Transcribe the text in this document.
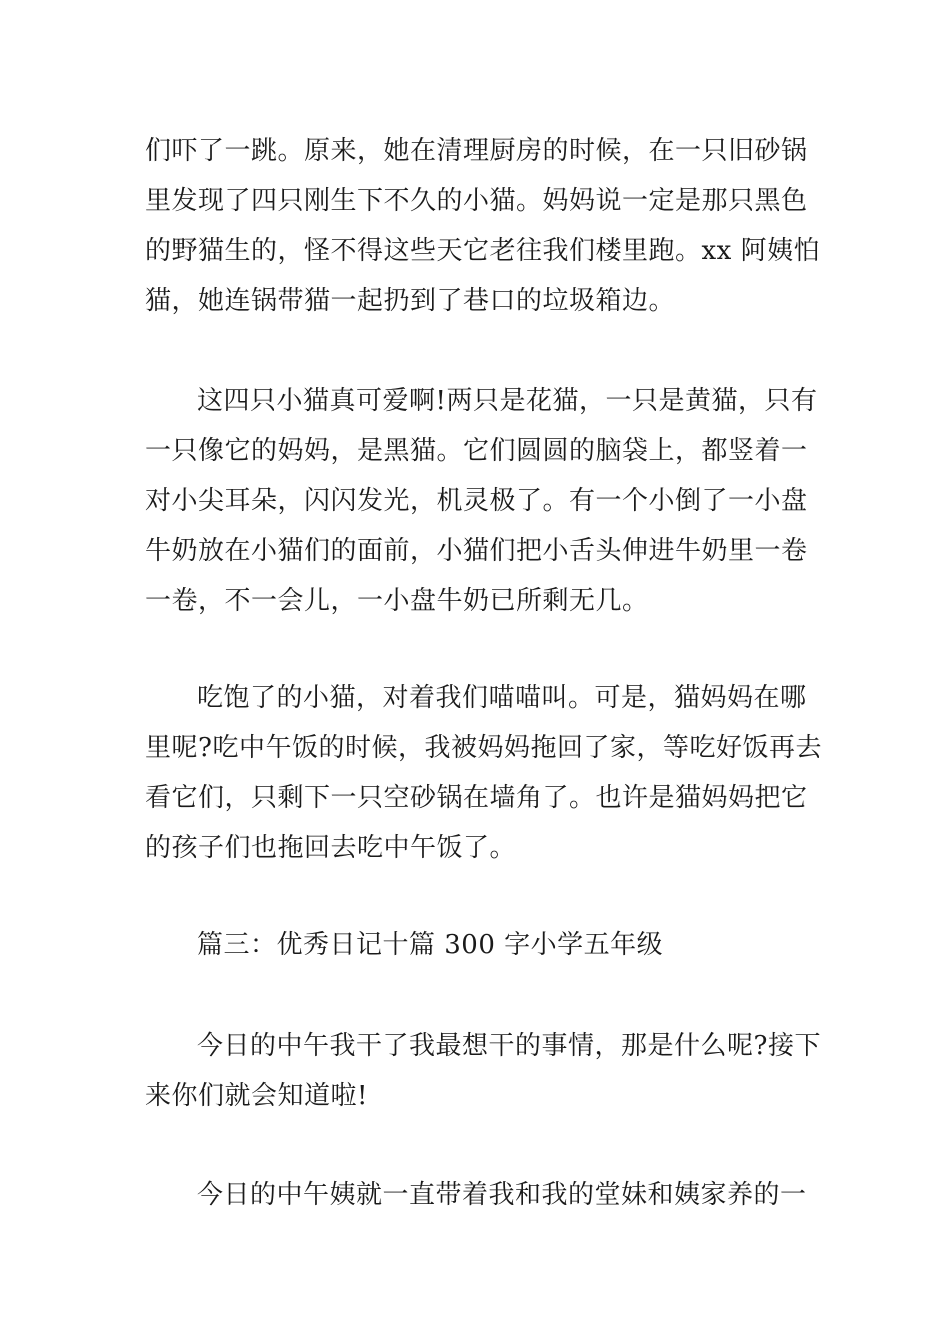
们吓了一跳。原来，她在清理厨房的时候，在一只旧砂锅
里发现了四只刚生下不久的小猫。妈妈说一定是那只黑色
的野猫生的，怪不得这些天它老往我们楼里跑。xx 阿姨怕
猫，她连锅带猫一起扔到了巷口的垃圾箱边。
这四只小猫真可爱啊!两只是花猫，一只是黄猫，只有
一只像它的妈妈，是黑猫。它们圆圆的脑袋上，都竖着一
对小尖耳朵，闪闪发光，机灵极了。有一个小倒了一小盘
牛奶放在小猫们的面前，小猫们把小舌头伸进牛奶里一卷
一卷，不一会儿，一小盘牛奶已所剩无几。
吃饱了的小猫，对着我们喵喵叫。可是，猫妈妈在哪
里呢?吃中午饭的时候，我被妈妈拖回了家，等吃好饭再去
看它们，只剩下一只空砂锅在墙角了。也许是猫妈妈把它
的孩子们也拖回去吃中午饭了。
篇三：优秀日记十篇 300 字小学五年级
今日的中午我干了我最想干的事情，那是什么呢?接下
来你们就会知道啦!
今日的中午姨就一直带着我和我的堂妹和姨家养的一
